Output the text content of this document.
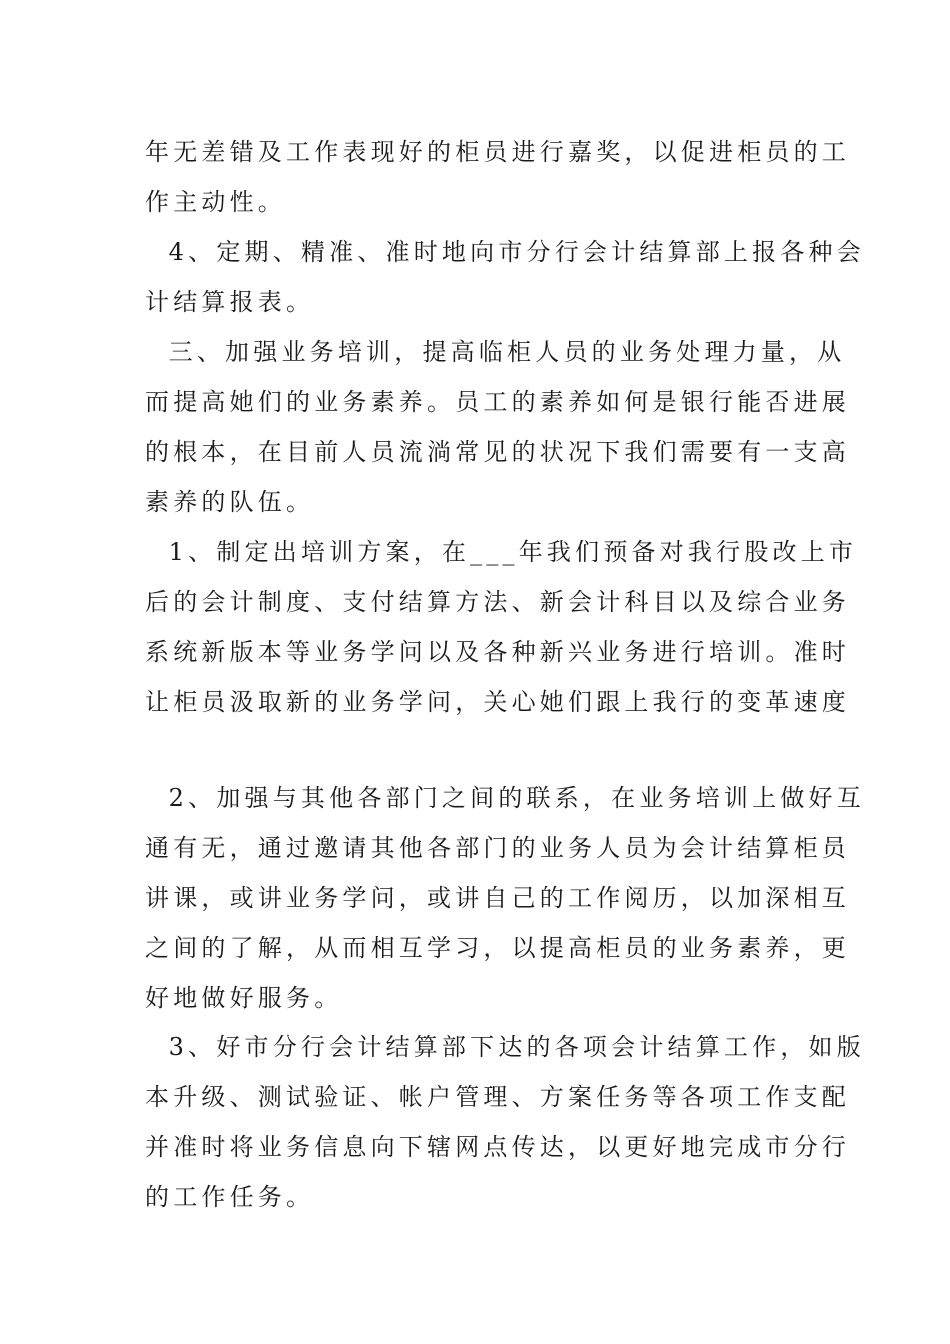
年无差错及工作表现好的柜员进行嘉奖，以促进柜员的工
作主动性。
4、定期、精准、准时地向市分行会计结算部上报各种会
计结算报表。
三、加强业务培训，提高临柜人员的业务处理力量，从
而提高她们的业务素养。员工的素养如何是银行能否进展
的根本，在目前人员流淌常见的状况下我们需要有一支高
素养的队伍。
1、制定出培训方案，在___年我们预备对我行股改上市
后的会计制度、支付结算方法、新会计科目以及综合业务
系统新版本等业务学问以及各种新兴业务进行培训。准时
让柜员汲取新的业务学问，关心她们跟上我行的变革速度
2、加强与其他各部门之间的联系，在业务培训上做好互
通有无，通过邀请其他各部门的业务人员为会计结算柜员
讲课，或讲业务学问，或讲自己的工作阅历，以加深相互
之间的了解，从而相互学习，以提高柜员的业务素养，更
好地做好服务。
3、好市分行会计结算部下达的各项会计结算工作，如版
本升级、测试验证、帐户管理、方案任务等各项工作支配
并准时将业务信息向下辖网点传达，以更好地完成市分行
的工作任务。
